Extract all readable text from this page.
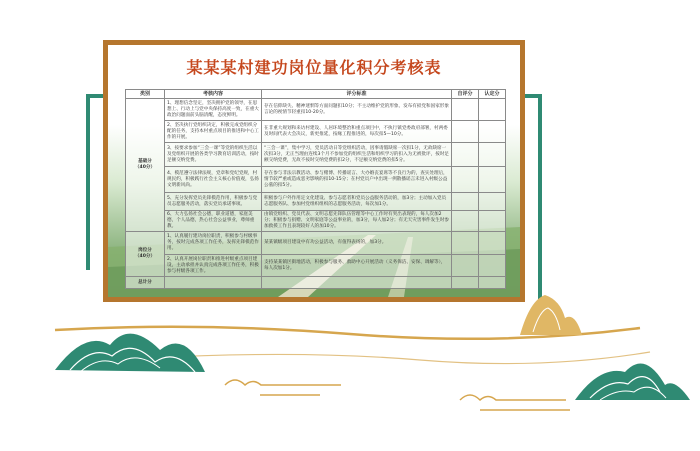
某某某村建功岗位量化积分考核表
类别	考核内容	评分标准	自评分	认定分

基础分
（40分）	1、理想信念坚定，坚决拥护党的领导，在思想上、行动上与党中央保持高度一致，在重大政治问题面前头脑清醒，态度鲜明。	存在信仰缺失、精神迷惘等方面问题扣10分；不主动维护党的形象、发布有损党和国家形象言论的视情节轻重扣10-20分。		
	2、坚决执行党组织决定，积极完成党组织分配的任务，支持本村重点项目的推进和中心工作的开展。	在非重大规划和来访村建设、人居环境整治和重点项目中，不执行镇党委政府部署，村两委及时间代表大会决议，新更推延，按缘工程推进的，每次扣5—10分。		
	3、按要求参加“三会一课”等党的组织生活以及党组织开展的各类学习教育培训活动，按时足额交纳党费。	“三会一课”，集中学习，党员活动日等党组织活动，因事请假缺席一次扣1分，无故缺席一次扣3分，无正当理由连续3个月不参加党的组织生活和组织学习的扣入为无被批评，按时足额交纳党费，无故不按时交纳党费的扣2分，不足额交纳党费的扣5分。		
	4、模范遵守法律法规，党章和党纪党规，村规民约，积极践行社会主义核心价值观，弘扬文明新风尚。	存在参与非法宗教活动、参与赌博、传播谣言、大办婚丧宴席等不良行为的，查实处理后，情节较严重或造成恶劣影响的扣10-15分；在村党员户中出现一例散播谣言未进入村级公益公墓的扣5分。		
	5、充分发挥党员先锋模范作用，积极参与党员志愿服务活动，落实党员承诺事项。	积极参与户外作用定文化建设、参与志愿者和党员公益服务活动的，加3分；主动加入党员志愿服务队、参加村党组织组织的志愿服务活动，每次加1分。		
	6、大力弘扬社会公德，职业道德，家庭美德，个人品德，热心社会公益事业，尊师重教。	由镇党组织、党员代表、文明志愿先锋队伍管理等中心工作时有突出表现的，每人次加2分；积极参与捐赠、文明家庭等公益事业的，加3分，每人加2分；有无天灾害事件发生时参加救援工作且表现较好人的加10分。		

岗位分
（40分）	1、认真履行建功岗位职责，积极参与村级事务，按时完成各项工作任务，发挥先锋模范作用。	某某镇级项目建设中有功公益活动，有值得表扬的，加3分。		
	2、认真开展岗位职责和推进村级重点项目建设，主动承担并认真完成各项工作任务，积极参与村级各项工作。	支持某某镇区街地活动，积极参与服务、救助中心开展活动（义务保洁、安保、调解等），每人次加1分。		
总计分				
